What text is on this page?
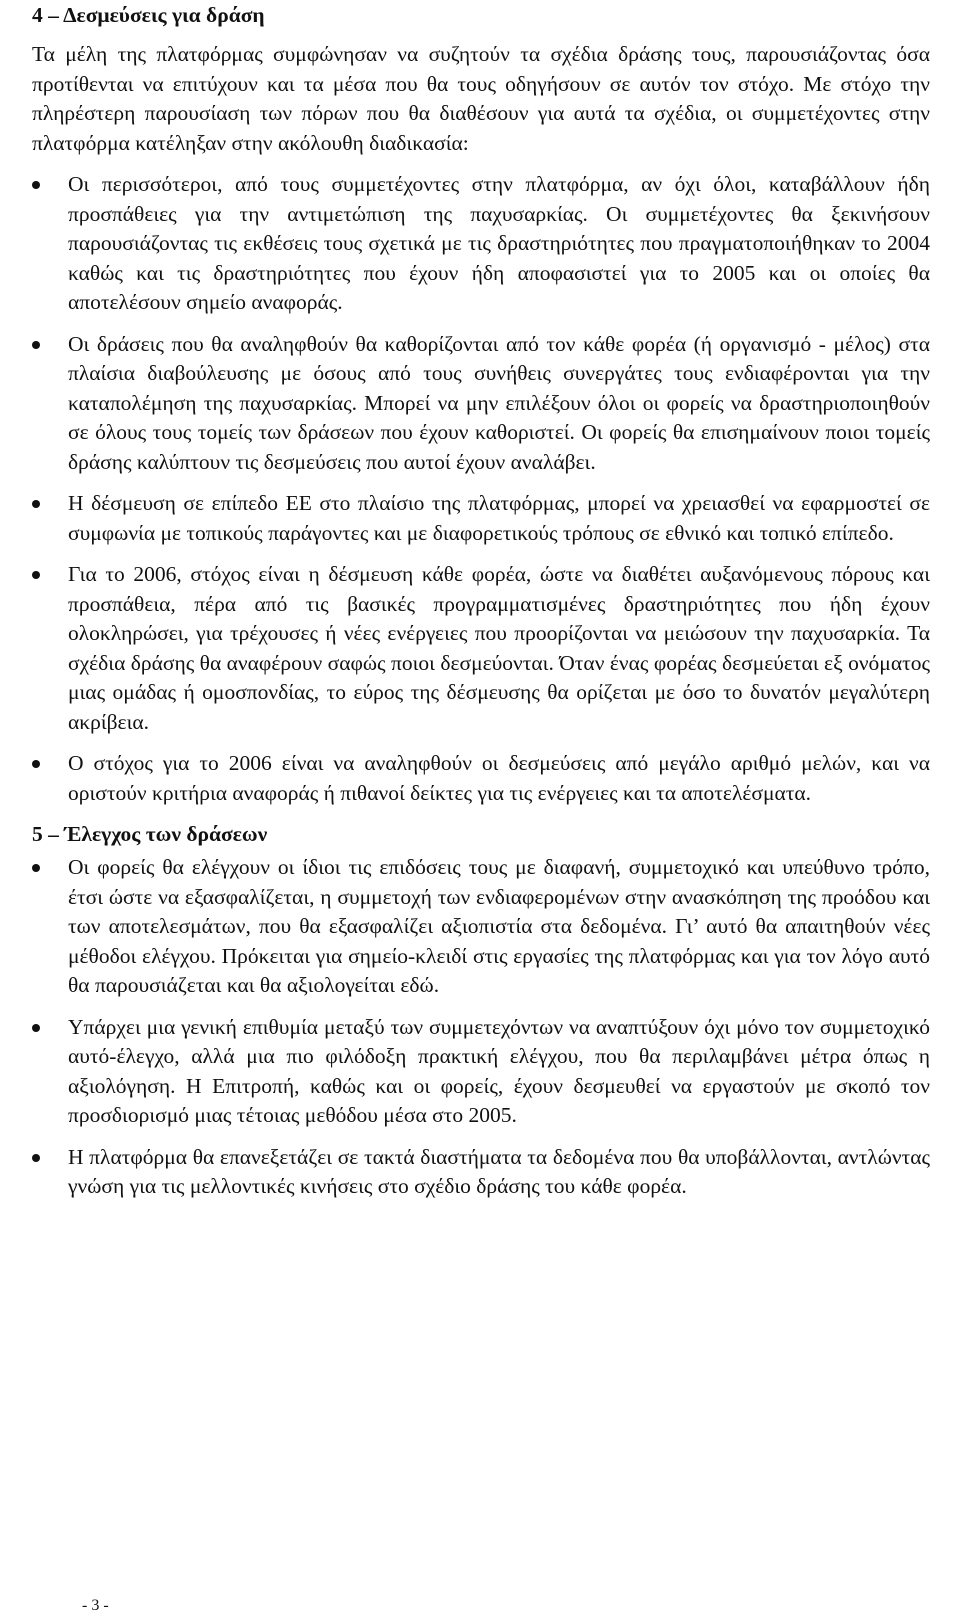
4 – Δεσμεύσεις για δράση

Τα μέλη της πλατφόρμας συμφώνησαν να συζητούν τα σχέδια δράσης τους, παρουσιάζοντας όσα προτίθενται να επιτύχουν και τα μέσα που θα τους οδηγήσουν σε αυτόν τον στόχο. Με στόχο την πληρέστερη παρουσίαση των πόρων που θα διαθέσουν για αυτά τα σχέδια, οι συμμετέχοντες στην πλατφόρμα κατέληξαν στην ακόλουθη διαδικασία:

Οι περισσότεροι, από τους συμμετέχοντες στην πλατφόρμα, αν όχι όλοι, καταβάλλουν ήδη προσπάθειες για την αντιμετώπιση της παχυσαρκίας. Οι συμμετέχοντες θα ξεκινήσουν παρουσιάζοντας τις εκθέσεις τους σχετικά με τις δραστηριότητες που πραγματοποιήθηκαν το 2004 καθώς και τις δραστηριότητες που έχουν ήδη αποφασιστεί για το 2005 και οι οποίες θα αποτελέσουν σημείο αναφοράς.
Οι δράσεις που θα αναληφθούν θα καθορίζονται από τον κάθε φορέα (ή οργανισμό - μέλος) στα πλαίσια διαβούλευσης με όσους από τους συνήθεις συνεργάτες τους ενδιαφέρονται για την καταπολέμηση της παχυσαρκίας. Μπορεί να μην επιλέξουν όλοι οι φορείς να δραστηριοποιηθούν σε όλους τους τομείς των δράσεων που έχουν καθοριστεί. Οι φορείς θα επισημαίνουν ποιοι τομείς δράσης καλύπτουν τις δεσμεύσεις που αυτοί έχουν αναλάβει.
Η δέσμευση σε επίπεδο ΕΕ στο πλαίσιο της πλατφόρμας, μπορεί να χρειασθεί να εφαρμοστεί σε συμφωνία με τοπικούς παράγοντες και με διαφορετικούς τρόπους σε εθνικό και τοπικό επίπεδο.
Για το 2006, στόχος είναι η δέσμευση κάθε φορέα, ώστε να διαθέτει αυξανόμενους πόρους και προσπάθεια, πέρα από τις βασικές προγραμματισμένες δραστηριότητες που ήδη έχουν ολοκληρώσει, για τρέχουσες ή νέες ενέργειες που προορίζονται να μειώσουν την παχυσαρκία. Τα σχέδια δράσης θα αναφέρουν σαφώς ποιοι δεσμεύονται. Όταν ένας φορέας δεσμεύεται εξ ονόματος μιας ομάδας ή ομοσπονδίας, το εύρος της δέσμευσης θα ορίζεται με όσο το δυνατόν μεγαλύτερη ακρίβεια.
Ο στόχος για το 2006 είναι να αναληφθούν οι δεσμεύσεις από μεγάλο αριθμό μελών, και να οριστούν κριτήρια αναφοράς ή πιθανοί δείκτες για τις ενέργειες και τα αποτελέσματα.
5 – Έλεγχος των δράσεων
Οι φορείς θα ελέγχουν οι ίδιοι τις επιδόσεις τους με διαφανή, συμμετοχικό και υπεύθυνο τρόπο, έτσι ώστε να εξασφαλίζεται, η συμμετοχή των ενδιαφερομένων στην ανασκόπηση της προόδου και των αποτελεσμάτων, που θα εξασφαλίζει αξιοπιστία στα δεδομένα. Γι’ αυτό θα απαιτηθούν νέες μέθοδοι ελέγχου. Πρόκειται για σημείο-κλειδί στις εργασίες της πλατφόρμας και για τον λόγο αυτό θα παρουσιάζεται και θα αξιολογείται εδώ.
Υπάρχει μια γενική επιθυμία μεταξύ των συμμετεχόντων να αναπτύξουν όχι μόνο τον συμμετοχικό αυτό-έλεγχο, αλλά μια πιο φιλόδοξη πρακτική ελέγχου, που θα περιλαμβάνει μέτρα όπως η αξιολόγηση. Η Επιτροπή, καθώς και οι φορείς, έχουν δεσμευθεί να εργαστούν με σκοπό τον προσδιορισμό μιας τέτοιας μεθόδου μέσα στο 2005.
Η πλατφόρμα θα επανεξετάζει σε τακτά διαστήματα τα δεδομένα που θα υποβάλλονται, αντλώντας γνώση για τις μελλοντικές κινήσεις στο σχέδιο δράσης του κάθε φορέα.
- 3 -
